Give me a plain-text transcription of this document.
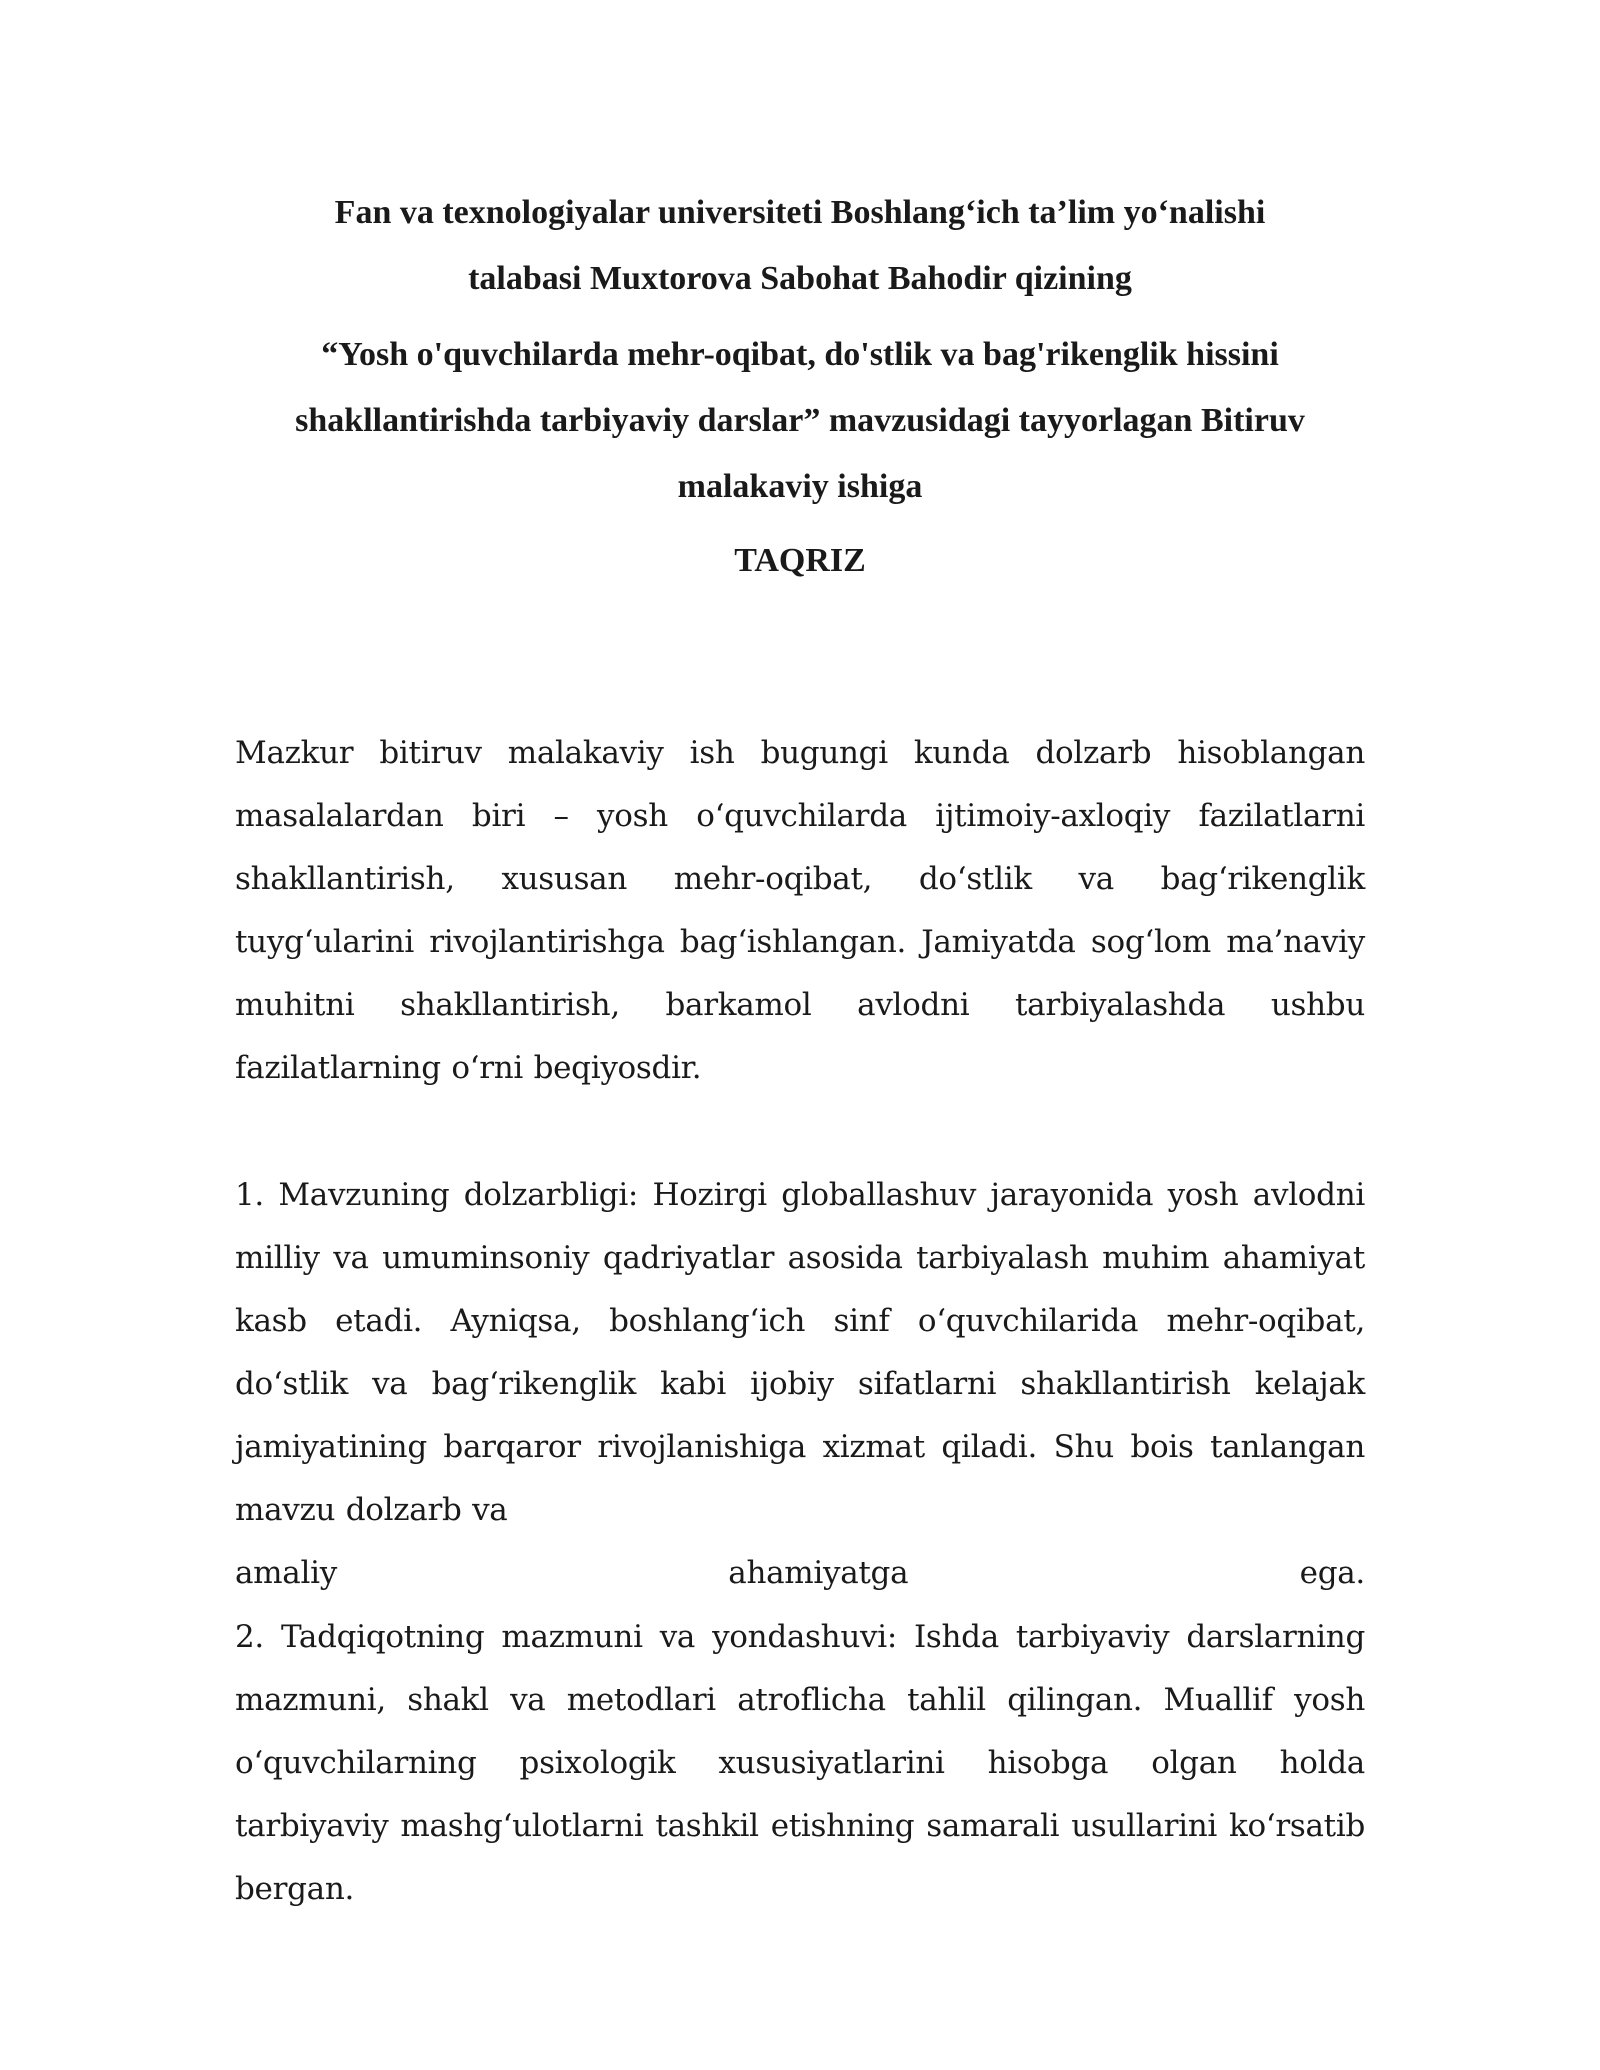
Fan va texnologiyalar universiteti Boshlang‘ich ta’lim yo‘nalishi
talabasi Muxtorova Sabohat Bahodir qizining
“Yosh o'quvchilarda mehr-oqibat, do'stlik va bag'rikenglik hissini
shakllantirishda tarbiyaviy darslar” mavzusidagi tayyorlagan Bitiruv
malakaviy ishiga
TAQRIZ

Mazkur bitiruv malakaviy ish bugungi kunda dolzarb hisoblangan masalalardan biri – yosh o‘quvchilarda ijtimoiy-axloqiy fazilatlarni shakllantirish, xususan mehr-oqibat, do‘stlik va bag‘rikenglik tuyg‘ularini rivojlantirishga bag‘ishlangan. Jamiyatda sog‘lom ma’naviy muhitni shakllantirish, barkamol avlodni tarbiyalashda ushbu fazilatlarning o‘rni beqiyosdir.

1. Mavzuning dolzarbligi: Hozirgi globallashuv jarayonida yosh avlodni milliy va umuminsoniy qadriyatlar asosida tarbiyalash muhim ahamiyat kasb etadi. Ayniqsa, boshlang‘ich sinf o‘quvchilarida mehr-oqibat, do‘stlik va bag‘rikenglik kabi ijobiy sifatlarni shakllantirish kelajak jamiyatining barqaror rivojlanishiga xizmat qiladi. Shu bois tanlangan mavzu dolzarb va

amaliy	ahamiyatga	ega.

2. Tadqiqotning mazmuni va yondashuvi: Ishda tarbiyaviy darslarning mazmuni, shakl va metodlari atroflicha tahlil qilingan. Muallif yosh o‘quvchilarning psixologik xususiyatlarini hisobga olgan holda tarbiyaviy mashg‘ulotlarni tashkil etishning samarali usullarini ko‘rsatib bergan.
